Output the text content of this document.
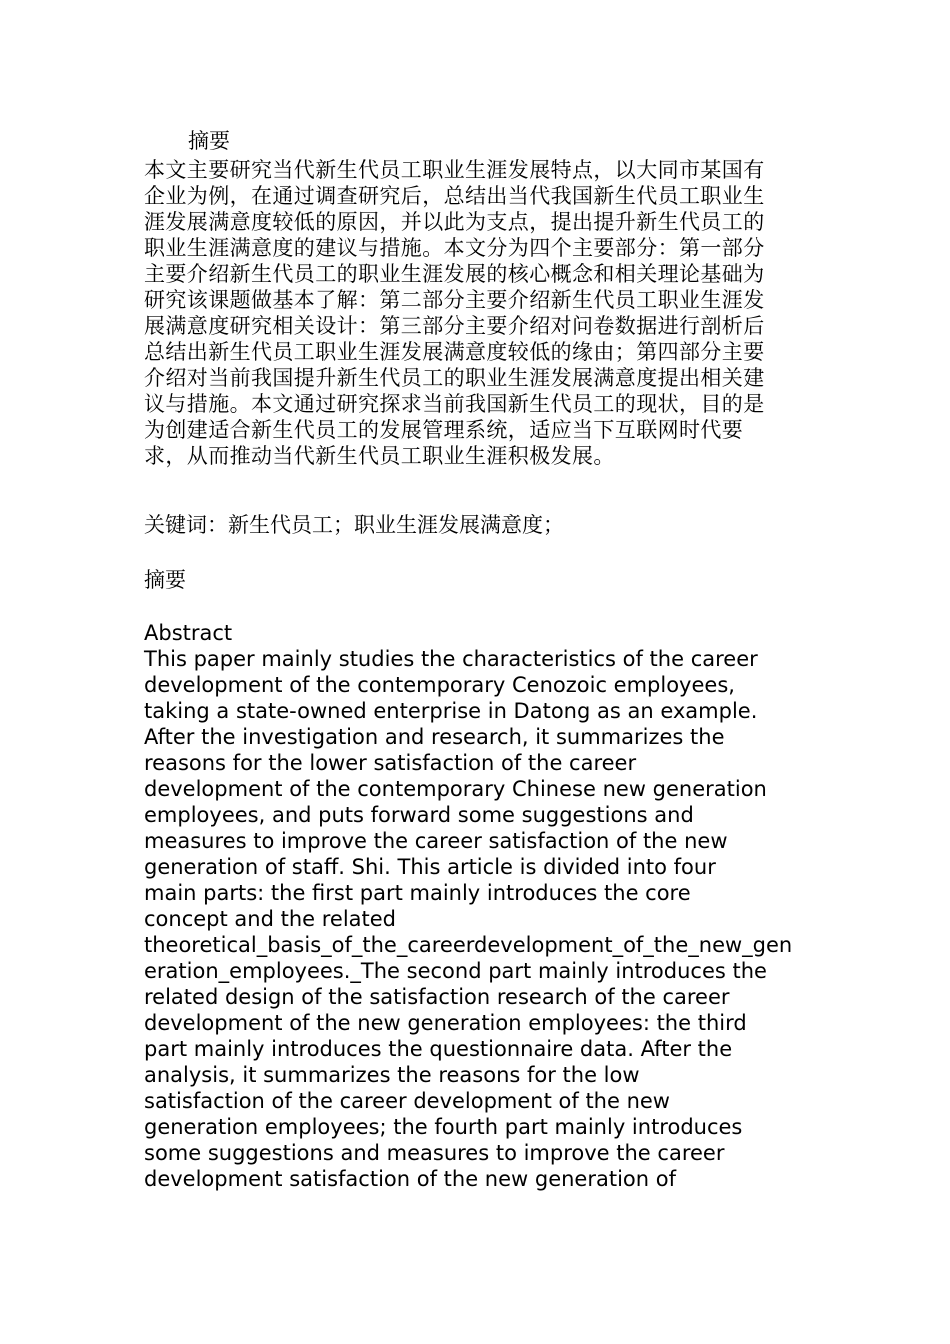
摘要

本文主要研究当代新生代员工职业生涯发展特点，以大同市某国有
企业为例，在通过调查研究后，总结出当代我国新生代员工职业生
涯发展满意度较低的原因，并以此为支点，提出提升新生代员工的
职业生涯满意度的建议与措施。本文分为四个主要部分：第一部分
主要介绍新生代员工的职业生涯发展的核心概念和相关理论基础为
研究该课题做基本了解：第二部分主要介绍新生代员工职业生涯发
展满意度研究相关设计：第三部分主要介绍对问卷数据进行剖析后
总结出新生代员工职业生涯发展满意度较低的缘由；第四部分主要
介绍对当前我国提升新生代员工的职业生涯发展满意度提出相关建
议与措施。本文通过研究探求当前我国新生代员工的现状，目的是
为创建适合新生代员工的发展管理系统，适应当下互联网时代要
求，从而推动当代新生代员工职业生涯积极发展。

关键词：新生代员工；职业生涯发展满意度；

摘要

Abstract

This paper mainly studies the characteristics of the career
development of the contemporary Cenozoic employees,
taking a state-owned enterprise in Datong as an example.
After the investigation and research, it summarizes the
reasons for the lower satisfaction of the career
development of the contemporary Chinese new generation
employees, and puts forward some suggestions and
measures to improve the career satisfaction of the new
generation of staff. Shi. This article is divided into four
main parts: the first part mainly introduces the core
concept and the related
theoretical_basis_of_the_careerdevelopment_of_the_new_gen
eration_employees._The second part mainly introduces the
related design of the satisfaction research of the career
development of the new generation employees: the third
part mainly introduces the questionnaire data. After the
analysis, it summarizes the reasons for the low
satisfaction of the career development of the new
generation employees; the fourth part mainly introduces
some suggestions and measures to improve the career
development satisfaction of the new generation of
